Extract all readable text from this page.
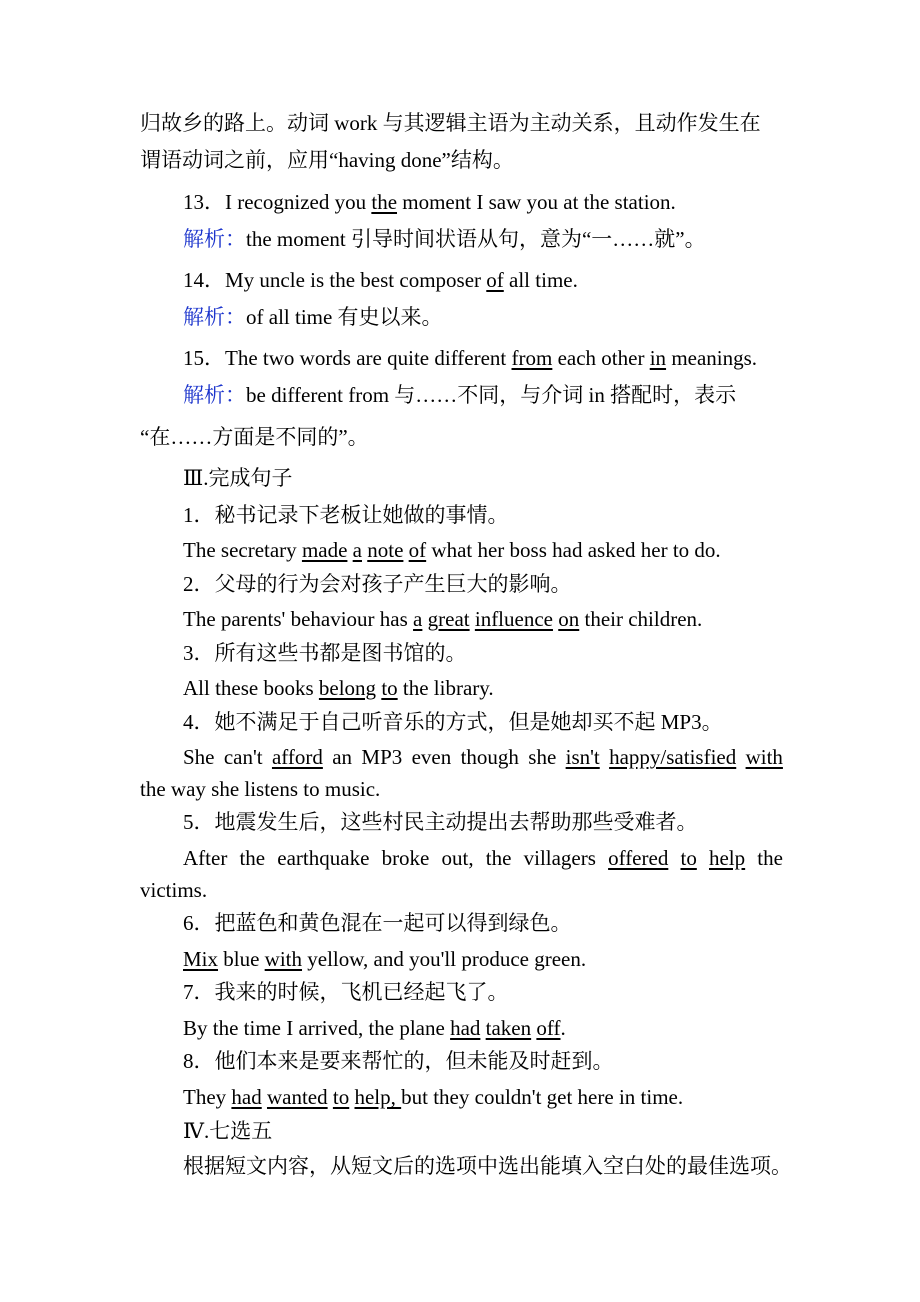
归故乡的路上。动词 work 与其逻辑主语为主动关系，且动作发生在
谓语动词之前，应用“having done”结构。
13．I recognized you the moment I saw you at the station.
解析：the moment 引导时间状语从句，意为“一……就”。
14．My uncle is the best composer of all time.
解析：of all time 有史以来。
15．The two words are quite different from each other in meanings.
解析：be different from 与……不同，与介词 in 搭配时，表示
“在……方面是不同的”。
Ⅲ.完成句子
1．秘书记录下老板让她做的事情。
The secretary made a note of what her boss had asked her to do.
2．父母的行为会对孩子产生巨大的影响。
The parents' behaviour has a great influence on their children.
3．所有这些书都是图书馆的。
All these books belong to the library.
4．她不满足于自己听音乐的方式，但是她却买不起 MP3。
She can't afford an MP3 even though she isn't happy/satisfied with
the way she listens to music.
5．地震发生后，这些村民主动提出去帮助那些受难者。
After the earthquake broke out, the villagers offered to help the
victims.
6．把蓝色和黄色混在一起可以得到绿色。
Mix blue with yellow, and you'll produce green.
7．我来的时候，飞机已经起飞了。
By the time I arrived, the plane had taken off.
8．他们本来是要来帮忙的，但未能及时赶到。
They had wanted to help, but they couldn't get here in time.
Ⅳ.七选五
根据短文内容，从短文后的选项中选出能填入空白处的最佳选项。
